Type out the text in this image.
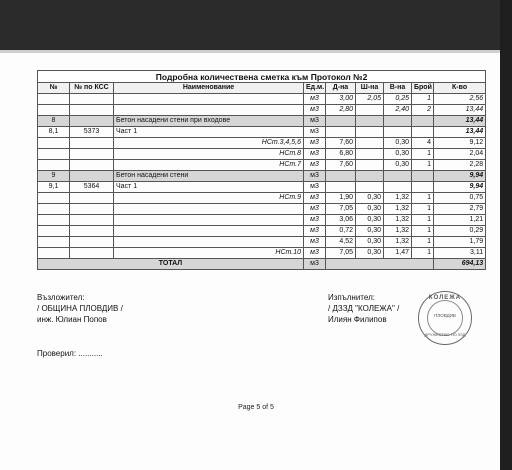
Подробна количествена сметка към Протокол №2								
№	№ по КСС	Наименование	Ед.м.	Д-на	Ш-на	В-на	Брой	К-во
			м3	3,00	2,05	0,25	1	2,56
			м3	2,80		2,40	2	13,44
8		Бетон насадени стени при входове	м3					13,44
8,1	5373	Част 1	м3					13,44
		НСт.3,4,5,6	м3	7,60		0,30	4	9,12
		НСт.8	м3	6,80		0,30	1	2,04
		НСт.7	м3	7,60		0,30	1	2,28
9		Бетон насадени стени	м3					9,94
9,1	5364	Част 1	м3					9,94
		НСт.9	м3	1,90	0,30	1,32	1	0,75
			м3	7,05	0,30	1,32	1	2,79
			м3	3,06	0,30	1,32	1	1,21
			м3	0,72	0,30	1,32	1	0,29
			м3	4,52	0,30	1,32	1	1,79
		НСт.10	м3	7,05	0,30	1,47	1	3,11
ТОТАЛ			м3					694,13
Възложител:
/ ОБЩИНА ПЛОВДИВ /
инж. Юлиан Попов
Изпълнител:
/ ДЗЗД "КОЛЕЖА" /
Илиян Филипов
КОЛЕЖА
ПЛОВДИВ
ДРУЖЕСТВО ПО ЗЗД
Проверил: ...........
Page 5 of 5
